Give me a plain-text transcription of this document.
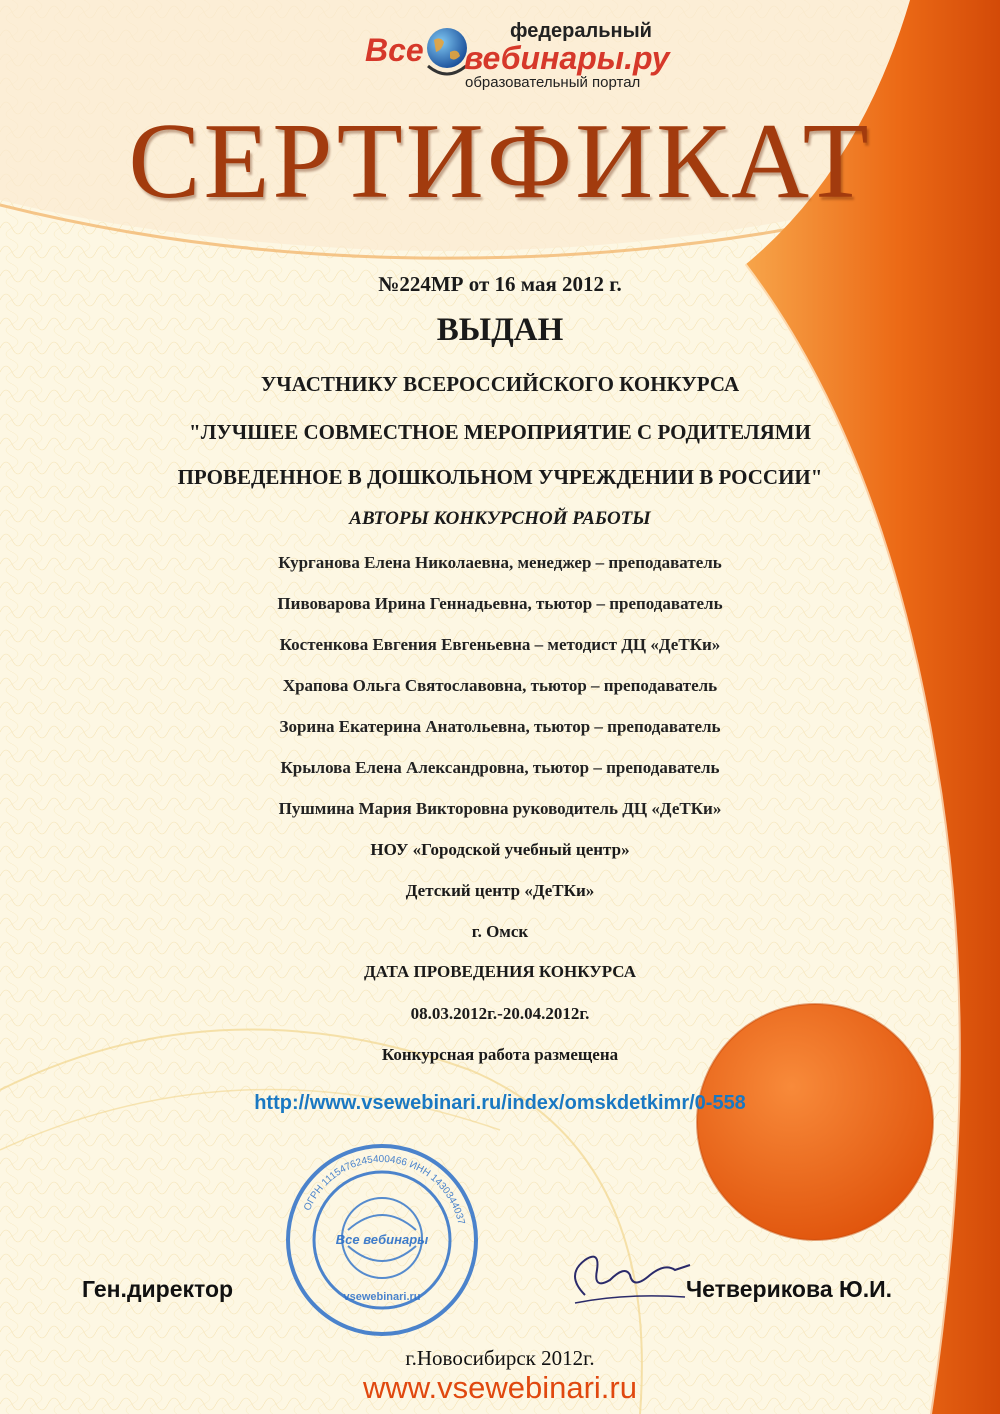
Все
федеральный
вебинары.ру
образовательный портал
СЕРТИФИКАТ
№224МР от 16 мая 2012 г.
ВЫДАН
УЧАСТНИКУ ВСЕРОССИЙСКОГО КОНКУРСА
"ЛУЧШЕЕ СОВМЕСТНОЕ МЕРОПРИЯТИЕ С РОДИТЕЛЯМИ
ПРОВЕДЕННОЕ В ДОШКОЛЬНОМ УЧРЕЖДЕНИИ В РОССИИ"
АВТОРЫ КОНКУРСНОЙ РАБОТЫ
Курганова Елена Николаевна, менеджер – преподаватель
Пивоварова Ирина Геннадьевна, тьютор – преподаватель
Костенкова Евгения Евгеньевна – методист ДЦ «ДеТКи»
Храпова Ольга Святославовна, тьютор – преподаватель
Зорина Екатерина Анатольевна, тьютор – преподаватель
Крылова Елена Александровна, тьютор – преподаватель
Пушмина Мария Викторовна руководитель ДЦ «ДеТКи»
НОУ «Городской учебный центр»
Детский центр «ДеТКи»
г. Омск
ДАТА ПРОВЕДЕНИЯ КОНКУРСА
08.03.2012г.-20.04.2012г.
Конкурсная работа размещена
http://www.vsewebinari.ru/index/omskdetkimr/0-558
ОГРН 1115476245400466 ИНН 1430344037
vsewebinari.ru
Все вебинары
Ген.директор	Четверикова Ю.И.
г.Новосибирск 2012г.
www.vsewebinari.ru
